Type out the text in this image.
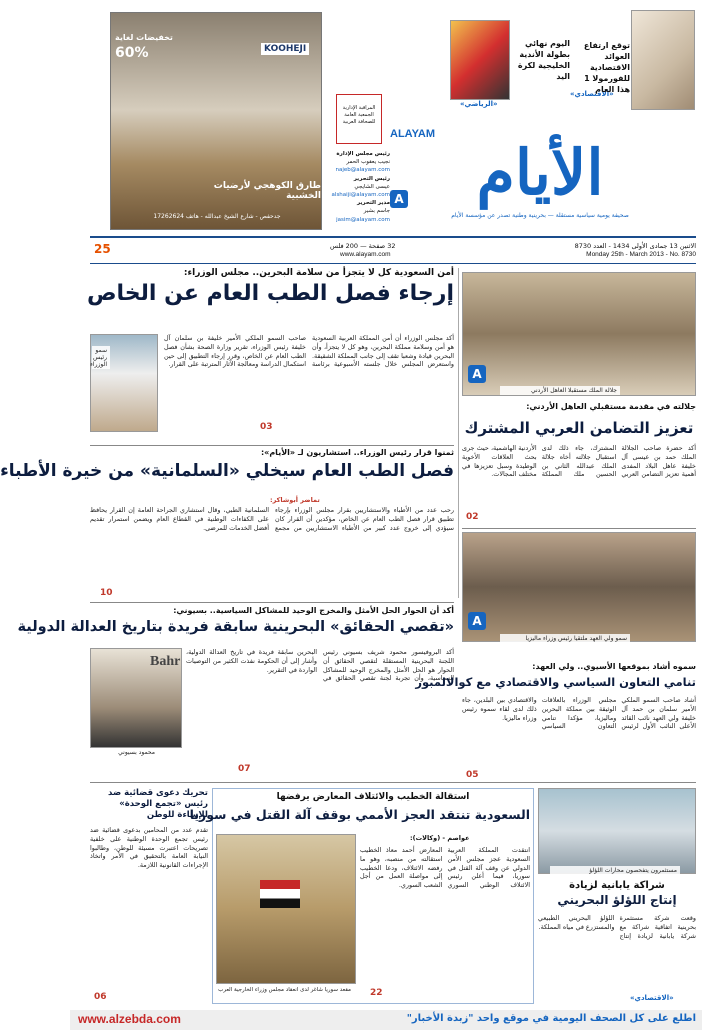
«الاقتصادي»
توقع ارتفاع العوائد الاقتصادية للفورمولا 1 هذا العام
«الرياضي»
اليوم نهائي بطولة الأندية الخليجية لكرة اليد
KOOHEJI
تخفيضات لغاية
60%
طارق الكوهجي لأرضيات الخشبية
جدحفص - شارع الشيخ عبدالله - هاتف 17262624
المراقبة الإدارية
الجمعية العامة
للصحافة العربية
رئيس مجلس الإدارة
نجيب يعقوب الحمر
najeb@alayam.com
رئيس التحرير
عيسى الشايجي
alshaiji@alayam.com
مدير التحرير
جاسم بشير
jasim@alayam.com
ALAYAM
الأيام
صحيفة يومية سياسية مستقلة — بحرينية وطنية تصدر عن مؤسسة الأيام
A
الاثنين 13 جمادى الأولى 1434 - العدد 8730
Monday 25th - March 2013 - No. 8730
32 صفحة — 200 فلس
www.alayam.com
25
أمن السعودية كل لا يتجزأ من سلامة البحرين.. مجلس الوزراء:
إرجاء فصل الطب العام عن الخاص
أكد مجلس الوزراء أن أمن المملكة العربية السعودية هو أمن وسلامة مملكة البحرين، وهو كل لا يتجزأ، وأن البحرين قيادة وشعبا تقف إلى جانب المملكة الشقيقة. واستعرض المجلس خلال جلسته الأسبوعية برئاسة صاحب السمو الملكي الأمير خليفة بن سلمان آل خليفة رئيس الوزراء، تقرير وزارة الصحة بشأن فصل الطب العام عن الخاص، وقرر إرجاء التطبيق إلى حين استكمال الدراسة ومعالجة الآثار المترتبة على القرار.
سمو رئيس الوزراء
03
ثمنوا قرار رئيس الوزراء.. استشاريون لـ «الأيام»:
فصل الطب العام سيخلي «السلمانية» من خيرة الأطباء
تماضر أبوشاكر:
رحب عدد من الأطباء والاستشاريين بقرار مجلس الوزراء بإرجاء تطبيق قرار فصل الطب العام عن الخاص، مؤكدين أن القرار كان سيؤدي إلى خروج عدد كبير من الأطباء الاستشاريين من مجمع السلمانية الطبي، وقال استشاري الجراحة العامة إن القرار يحافظ على الكفاءات الوطنية في القطاع العام ويضمن استمرار تقديم أفضل الخدمات للمرضى.
10
A
جلالة الملك مستقبلا العاهل الأردني
جلالته في مقدمة مستقبلي العاهل الأردني:
تعزيز التضامن العربي المشترك
أكد حضرة صاحب الجلالة الملك حمد بن عيسى آل خليفة عاهل البلاد المفدى أهمية تعزيز التضامن العربي المشترك، جاء ذلك لدى استقبال جلالته أخاه جلالة الملك عبدالله الثاني بن الحسين ملك المملكة الأردنية الهاشمية، حيث جرى بحث العلاقات الأخوية الوطيدة وسبل تعزيزها في مختلف المجالات.
02
A
سمو ولي العهد ملتقيا رئيس وزراء ماليزيا
أكد أن الحوار الحل الأمثل والمخرج الوحيد للمشاكل السياسية.. بسيوني:
«تقصي الحقائق» البحرينية سابقة فريدة بتاريخ العدالة الدولية
أكد البروفيسور محمود شريف بسيوني رئيس اللجنة البحرينية المستقلة لتقصي الحقائق أن الحوار هو الحل الأمثل والمخرج الوحيد للمشاكل السياسية، وأن تجربة لجنة تقصي الحقائق في البحرين سابقة فريدة في تاريخ العدالة الدولية، وأشار إلى أن الحكومة نفذت الكثير من التوصيات الواردة في التقرير.
Bahr
محمود بسيوني
07
سموه أشاد بموقعها الأسيوي.. ولي العهد:
تنامي التعاون السياسي والاقتصادي مع كوالالمبور
أشاد صاحب السمو الملكي الأمير سلمان بن حمد آل خليفة ولي العهد نائب القائد الأعلى النائب الأول لرئيس مجلس الوزراء بالعلاقات الوثيقة بين مملكة البحرين وماليزيا، مؤكدا تنامي التعاون السياسي والاقتصادي بين البلدين، جاء ذلك لدى لقاء سموه رئيس وزراء ماليزيا.
05
تحريك دعوى قضائية ضد رئيس «تجمع الوحدة» للإساءة للوطن
تقدم عدد من المحامين بدعوى قضائية ضد رئيس تجمع الوحدة الوطنية على خلفية تصريحات اعتبرت مسيئة للوطن، وطالبوا النيابة العامة بالتحقيق في الأمر واتخاذ الإجراءات القانونية اللازمة.
06
استقالة الخطيب والائتلاف المعارض يرفضها
السعودية تنتقد العجز الأممي بوقف آلة القتل في سوريا
عواصم - (وكالات):
انتقدت المملكة العربية السعودية عجز مجلس الأمن الدولي عن وقف آلة القتل في سوريا، فيما أعلن رئيس الائتلاف الوطني السوري المعارض أحمد معاذ الخطيب استقالته من منصبه، وهو ما رفضه الائتلاف، ودعا الخطيب إلى مواصلة العمل من أجل الشعب السوري.
مقعد سوريا شاغر لدى انعقاد مجلس وزراء الخارجية العرب	22
مستثمرون يتفحصون محارات اللؤلؤ
شراكة يابانية لزيادة
إنتاج اللؤلؤ البحريني
وقعت شركة مستثمرة بحرينية اتفاقية شراكة مع شركة يابانية لزيادة إنتاج اللؤلؤ البحريني الطبيعي والمستزرع في مياه المملكة.
«الاقتصادي»
www.alzebda.com	اطلع على كل الصحف اليومية في موقع واحد "زبدة الأخبار"
